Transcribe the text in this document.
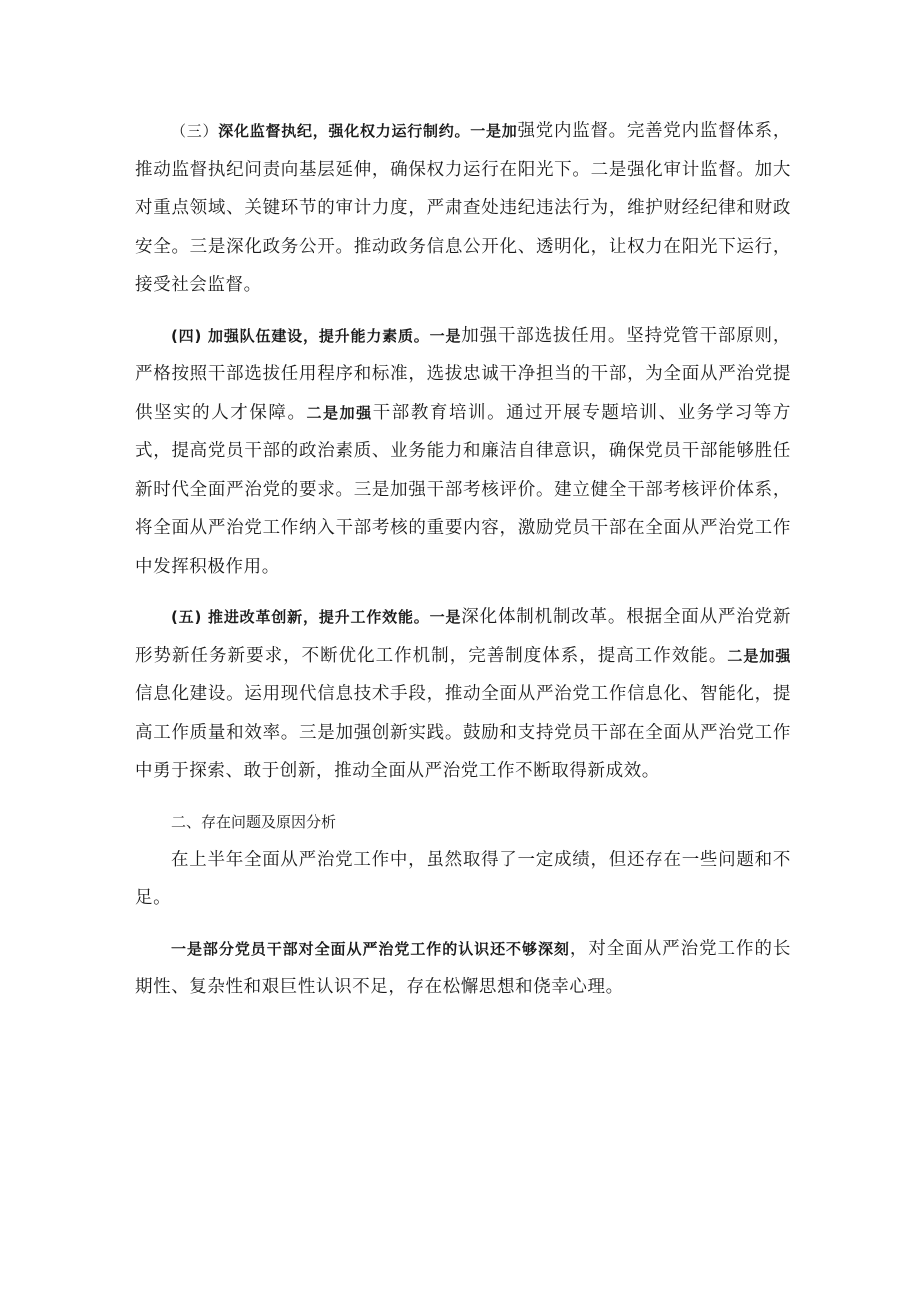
（三）深化监督执纪，强化权力运行制约。一是加强党内监督。完善党内监督体系，推动监督执纪问责向基层延伸，确保权力运行在阳光下。二是强化审计监督。加大对重点领域、关键环节的审计力度，严肃查处违纪违法行为，维护财经纪律和财政安全。三是深化政务公开。推动政务信息公开化、透明化，让权力在阳光下运行，接受社会监督。

(四) 加强队伍建设，提升能力素质。一是加强干部选拔任用。坚持党管干部原则，严格按照干部选拔任用程序和标准，选拔忠诚干净担当的干部，为全面从严治党提供坚实的人才保障。二是加强干部教育培训。通过开展专题培训、业务学习等方式，提高党员干部的政治素质、业务能力和廉洁自律意识，确保党员干部能够胜任新时代全面严治党的要求。三是加强干部考核评价。建立健全干部考核评价体系，将全面从严治党工作纳入干部考核的重要内容，激励党员干部在全面从严治党工作中发挥积极作用。

(五) 推进改革创新，提升工作效能。一是深化体制机制改革。根据全面从严治党新形势新任务新要求，不断优化工作机制，完善制度体系，提高工作效能。二是加强信息化建设。运用现代信息技术手段，推动全面从严治党工作信息化、智能化，提高工作质量和效率。三是加强创新实践。鼓励和支持党员干部在全面从严治党工作中勇于探索、敢于创新，推动全面从严治党工作不断取得新成效。

二、存在问题及原因分析

在上半年全面从严治党工作中，虽然取得了一定成绩，但还存在一些问题和不足。

一是部分党员干部对全面从严治党工作的认识还不够深刻，对全面从严治党工作的长期性、复杂性和艰巨性认识不足，存在松懈思想和侥幸心理。
